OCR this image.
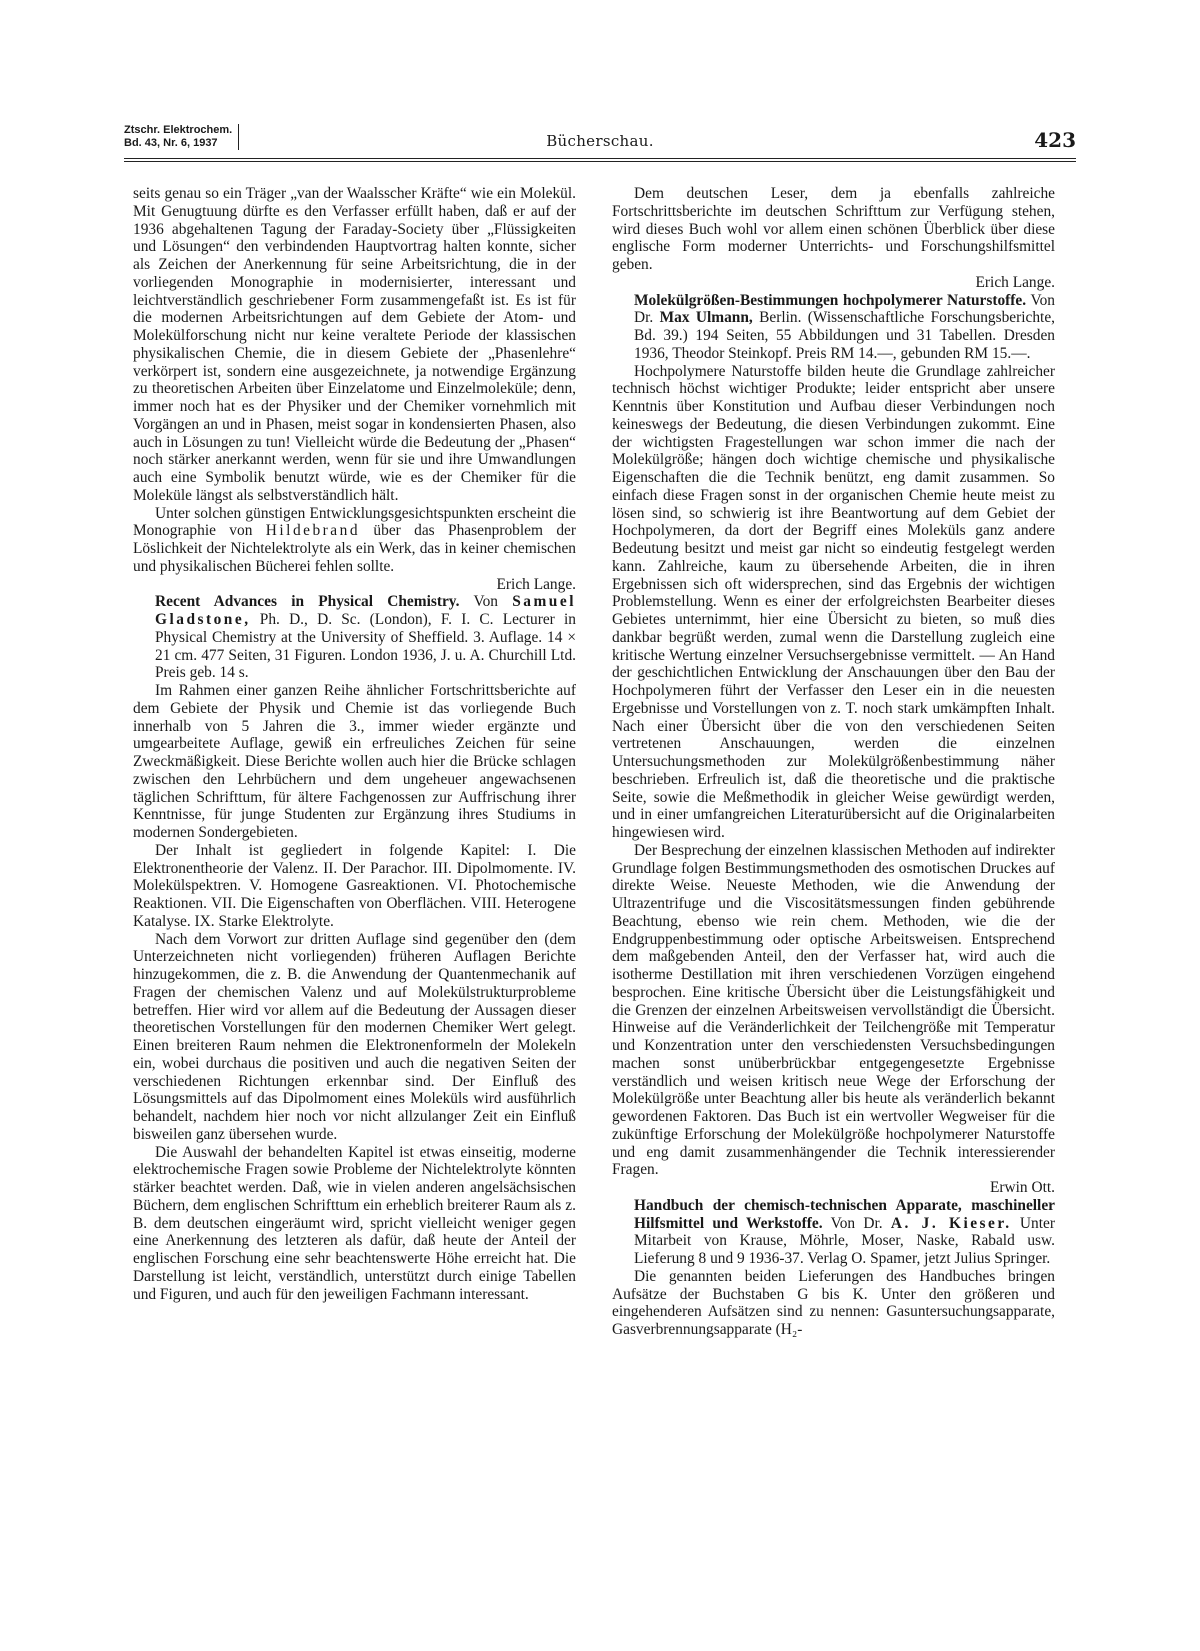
Ztschr. Elektrochem.
Bd. 43, Nr. 6, 1937	Bücherschau.	423

seits genau so ein Träger „van der Waalsscher Kräfte“ wie ein Molekül. Mit Genugtuung dürfte es den Verfasser erfüllt haben, daß er auf der 1936 abgehaltenen Tagung der Faraday-Society über „Flüssigkeiten und Lösungen“ den verbindenden Hauptvortrag halten konnte, sicher als Zeichen der Anerkennung für seine Arbeitsrichtung, die in der vorliegenden Monographie in modernisierter, interessant und leichtverständlich geschriebener Form zusammengefaßt ist. Es ist für die modernen Arbeitsrichtungen auf dem Gebiete der Atom- und Molekülforschung nicht nur keine veraltete Periode der klassischen physikalischen Chemie, die in diesem Gebiete der „Phasenlehre“ verkörpert ist, sondern eine ausgezeichnete, ja notwendige Ergänzung zu theoretischen Arbeiten über Einzelatome und Einzelmoleküle; denn, immer noch hat es der Physiker und der Chemiker vornehmlich mit Vorgängen an und in Phasen, meist sogar in kondensierten Phasen, also auch in Lösungen zu tun! Vielleicht würde die Bedeutung der „Phasen“ noch stärker anerkannt werden, wenn für sie und ihre Umwandlungen auch eine Symbolik benutzt würde, wie es der Chemiker für die Moleküle längst als selbstverständlich hält.

Unter solchen günstigen Entwicklungsgesichtspunkten erscheint die Monographie von Hildebrand über das Phasenproblem der Löslichkeit der Nichtelektrolyte als ein Werk, das in keiner chemischen und physikalischen Bücherei fehlen sollte.
Erich Lange.

Recent Advances in Physical Chemistry. Von Samuel Gladstone, Ph. D., D. Sc. (London), F. I. C. Lecturer in Physical Chemistry at the University of Sheffield. 3. Auflage. 14 × 21 cm. 477 Seiten, 31 Figuren. London 1936, J. u. A. Churchill Ltd. Preis geb. 14 s.

Im Rahmen einer ganzen Reihe ähnlicher Fortschrittsberichte auf dem Gebiete der Physik und Chemie ist das vorliegende Buch innerhalb von 5 Jahren die 3., immer wieder ergänzte und umgearbeitete Auflage, gewiß ein erfreuliches Zeichen für seine Zweckmäßigkeit. Diese Berichte wollen auch hier die Brücke schlagen zwischen den Lehrbüchern und dem ungeheuer angewachsenen täglichen Schrifttum, für ältere Fachgenossen zur Auffrischung ihrer Kenntnisse, für junge Studenten zur Ergänzung ihres Studiums in modernen Sondergebieten.

Der Inhalt ist gegliedert in folgende Kapitel: I. Die Elektronentheorie der Valenz. II. Der Parachor. III. Dipolmomente. IV. Molekülspektren. V. Homogene Gasreaktionen. VI. Photochemische Reaktionen. VII. Die Eigenschaften von Oberflächen. VIII. Heterogene Katalyse. IX. Starke Elektrolyte.

Nach dem Vorwort zur dritten Auflage sind gegenüber den (dem Unterzeichneten nicht vorliegenden) früheren Auflagen Berichte hinzugekommen, die z. B. die Anwendung der Quantenmechanik auf Fragen der chemischen Valenz und auf Molekülstrukturprobleme betreffen. Hier wird vor allem auf die Bedeutung der Aussagen dieser theoretischen Vorstellungen für den modernen Chemiker Wert gelegt. Einen breiteren Raum nehmen die Elektronenformeln der Molekeln ein, wobei durchaus die positiven und auch die negativen Seiten der verschiedenen Richtungen erkennbar sind. Der Einfluß des Lösungsmittels auf das Dipolmoment eines Moleküls wird ausführlich behandelt, nachdem hier noch vor nicht allzulanger Zeit ein Einfluß bisweilen ganz übersehen wurde.

Die Auswahl der behandelten Kapitel ist etwas einseitig, moderne elektrochemische Fragen sowie Probleme der Nichtelektrolyte könnten stärker beachtet werden. Daß, wie in vielen anderen angelsächsischen Büchern, dem englischen Schrifttum ein erheblich breiterer Raum als z. B. dem deutschen eingeräumt wird, spricht vielleicht weniger gegen eine Anerkennung des letzteren als dafür, daß heute der Anteil der englischen Forschung eine sehr beachtenswerte Höhe erreicht hat. Die Darstellung ist leicht, verständlich, unterstützt durch einige Tabellen und Figuren, und auch für den jeweiligen Fachmann interessant.

Dem deutschen Leser, dem ja ebenfalls zahlreiche Fortschrittsberichte im deutschen Schrifttum zur Verfügung stehen, wird dieses Buch wohl vor allem einen schönen Überblick über diese englische Form moderner Unterrichts- und Forschungshilfsmittel geben.
Erich Lange.

Molekülgrößen-Bestimmungen hochpolymerer Naturstoffe. Von Dr. Max Ulmann, Berlin. (Wissenschaftliche Forschungsberichte, Bd. 39.) 194 Seiten, 55 Abbildungen und 31 Tabellen. Dresden 1936, Theodor Steinkopf. Preis RM 14.—, gebunden RM 15.—.

Hochpolymere Naturstoffe bilden heute die Grundlage zahlreicher technisch höchst wichtiger Produkte; leider entspricht aber unsere Kenntnis über Konstitution und Aufbau dieser Verbindungen noch keineswegs der Bedeutung, die diesen Verbindungen zukommt. Eine der wichtigsten Fragestellungen war schon immer die nach der Molekülgröße; hängen doch wichtige chemische und physikalische Eigenschaften die die Technik benützt, eng damit zusammen. So einfach diese Fragen sonst in der organischen Chemie heute meist zu lösen sind, so schwierig ist ihre Beantwortung auf dem Gebiet der Hochpolymeren, da dort der Begriff eines Moleküls ganz andere Bedeutung besitzt und meist gar nicht so eindeutig festgelegt werden kann. Zahlreiche, kaum zu übersehende Arbeiten, die in ihren Ergebnissen sich oft widersprechen, sind das Ergebnis der wichtigen Problemstellung. Wenn es einer der erfolgreichsten Bearbeiter dieses Gebietes unternimmt, hier eine Übersicht zu bieten, so muß dies dankbar begrüßt werden, zumal wenn die Darstellung zugleich eine kritische Wertung einzelner Versuchsergebnisse vermittelt. — An Hand der geschichtlichen Entwicklung der Anschauungen über den Bau der Hochpolymeren führt der Verfasser den Leser ein in die neuesten Ergebnisse und Vorstellungen von z. T. noch stark umkämpften Inhalt. Nach einer Übersicht über die von den verschiedenen Seiten vertretenen Anschauungen, werden die einzelnen Untersuchungsmethoden zur Molekülgrößenbestimmung näher beschrieben. Erfreulich ist, daß die theoretische und die praktische Seite, sowie die Meßmethodik in gleicher Weise gewürdigt werden, und in einer umfangreichen Literaturübersicht auf die Originalarbeiten hingewiesen wird.

Der Besprechung der einzelnen klassischen Methoden auf indirekter Grundlage folgen Bestimmungsmethoden des osmotischen Druckes auf direkte Weise. Neueste Methoden, wie die Anwendung der Ultrazentrifuge und die Viscositätsmessungen finden gebührende Beachtung, ebenso wie rein chem. Methoden, wie die der Endgruppenbestimmung oder optische Arbeitsweisen. Entsprechend dem maßgebenden Anteil, den der Verfasser hat, wird auch die isotherme Destillation mit ihren verschiedenen Vorzügen eingehend besprochen. Eine kritische Übersicht über die Leistungsfähigkeit und die Grenzen der einzelnen Arbeitsweisen vervollständigt die Übersicht. Hinweise auf die Veränderlichkeit der Teilchengröße mit Temperatur und Konzentration unter den verschiedensten Versuchsbedingungen machen sonst unüberbrückbar entgegengesetzte Ergebnisse verständlich und weisen kritisch neue Wege der Erforschung der Molekülgröße unter Beachtung aller bis heute als veränderlich bekannt gewordenen Faktoren. Das Buch ist ein wertvoller Wegweiser für die zukünftige Erforschung der Molekülgröße hochpolymerer Naturstoffe und eng damit zusammenhängender die Technik interessierender Fragen.
Erwin Ott.

Handbuch der chemisch-technischen Apparate, maschineller Hilfsmittel und Werkstoffe. Von Dr. A. J. Kieser. Unter Mitarbeit von Krause, Möhrle, Moser, Naske, Rabald usw. Lieferung 8 und 9 1936-37. Verlag O. Spamer, jetzt Julius Springer.

Die genannten beiden Lieferungen des Handbuches bringen Aufsätze der Buchstaben G bis K. Unter den größeren und eingehenderen Aufsätzen sind zu nennen: Gasuntersuchungsapparate, Gasverbrennungsapparate (H₂-
